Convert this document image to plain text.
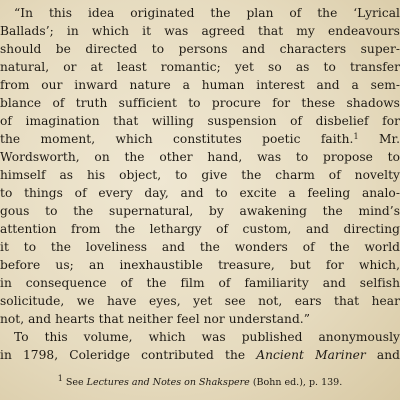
“In this idea originated the plan of the ‘Lyrical
Ballads’; in which it was agreed that my endeavours
should be directed to persons and characters super-
natural, or at least romantic; yet so as to transfer
from our inward nature a human interest and a sem-
blance of truth sufficient to procure for these shadows
of imagination that willing suspension of disbelief for
the moment, which constitutes poetic faith.$^1$ Mr.
Wordsworth, on the other hand, was to propose to
himself as his object, to give the charm of novelty
to things of every day, and to excite a feeling analo-
gous to the supernatural, by awakening the mind’s
attention from the lethargy of custom, and directing
it to the loveliness and the wonders of the world
before us; an inexhaustible treasure, but for which,
in consequence of the film of familiarity and selfish
solicitude, we have eyes, yet see not, ears that hear
not, and hearts that neither feel nor understand.”
To this volume, which was published anonymously
in 1798, Coleridge contributed the Ancient Mariner and
$^1$ See Lectures and Notes on Shakspere (Bohn ed.), p. 139.
